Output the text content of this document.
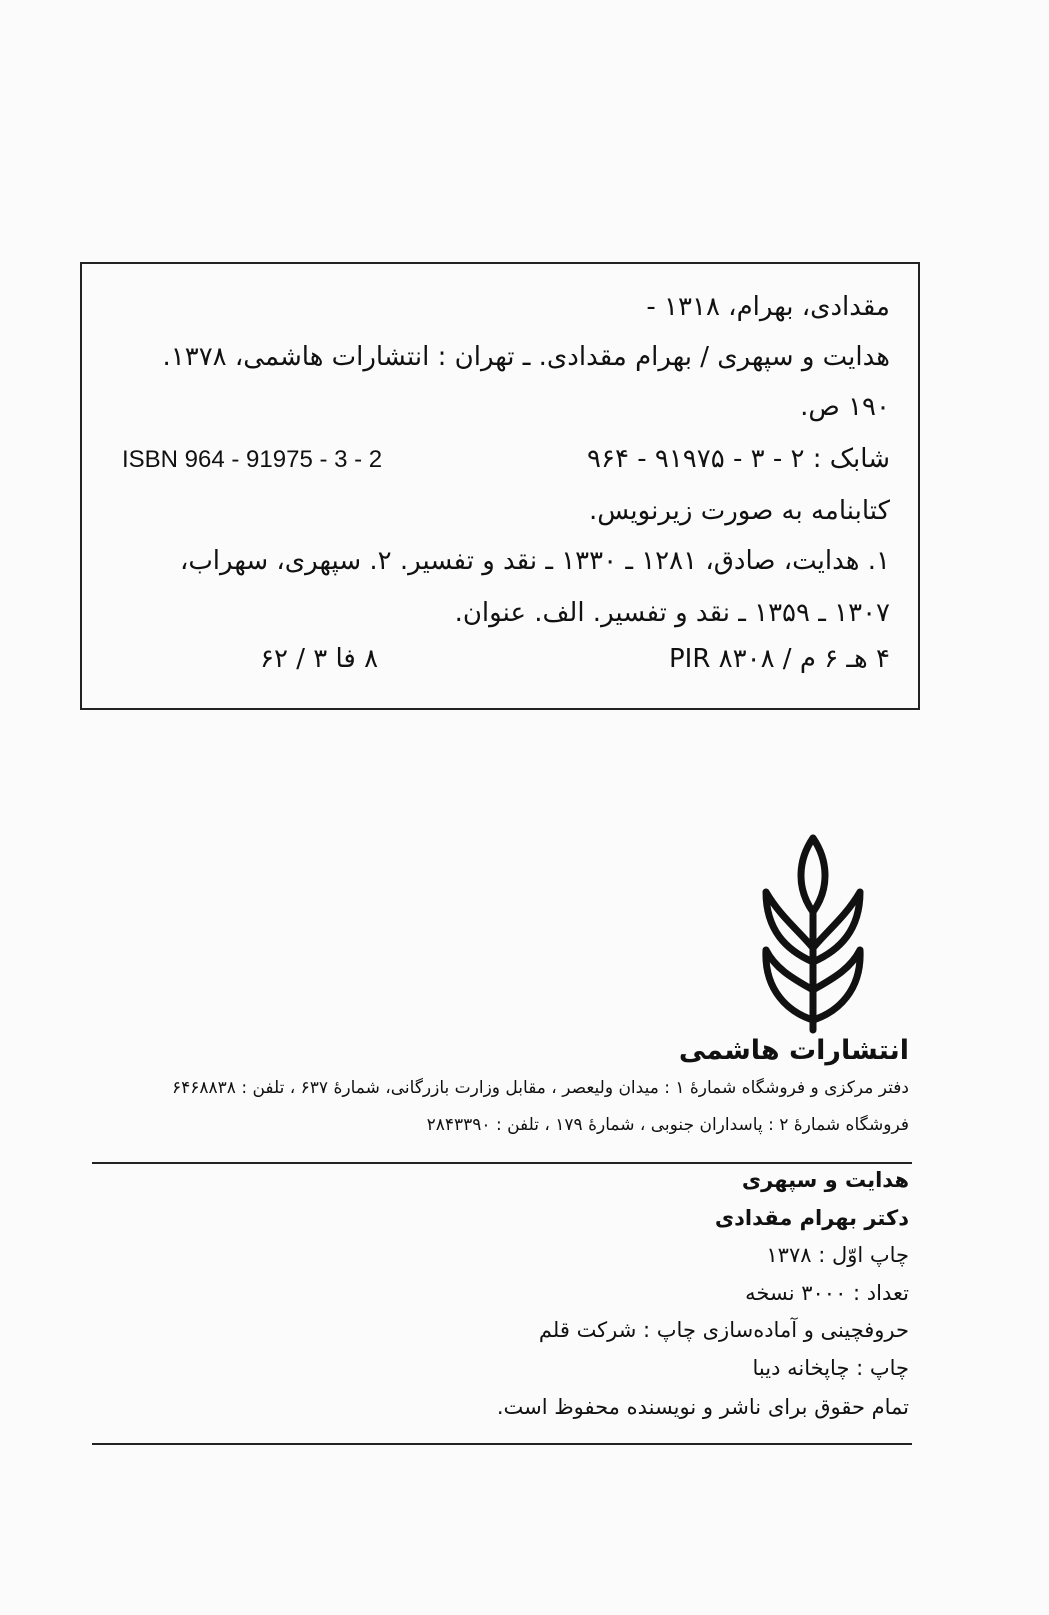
مقدادی، بهرام، ۱۳۱۸ -
هدایت و سپهری / بهرام مقدادی. ـ تهران : انتشارات هاشمی، ۱۳۷۸.
۱۹۰ ص.
شابک : ۲ - ۳ - ۹۱۹۷۵ - ۹۶۴
ISBN 964 - 91975 - 3 - 2
کتابنامه به صورت زیرنویس.
۱. هدایت، صادق، ۱۲۸۱ ـ ۱۳۳۰ ـ نقد و تفسیر. ۲. سپهری، سهراب،
۱۳۰۷ ـ ۱۳۵۹ ـ نقد و تفسیر. الف. عنوان.
۴ هـ ۶ م / PIR ۸۳۰۸
۸ فا ۳ / ۶۲
انتشارات هاشمی
دفتر مرکزی و فروشگاه شمارهٔ ۱ : میدان ولیعصر ، مقابل وزارت بازرگانی، شمارهٔ ۶۳۷ ، تلفن : ۶۴۶۸۸۳۸
فروشگاه شمارهٔ ۲ : پاسداران جنوبی ، شمارهٔ ۱۷۹ ، تلفن : ۲۸۴۳۳۹۰
هدایت و سپهری
دکتر بهرام مقدادی
چاپ اوّل : ۱۳۷۸
تعداد : ۳۰۰۰ نسخه
حروفچینی و آماده‌سازی چاپ : شرکت قلم
چاپ : چاپخانه دیبا
تمام حقوق برای ناشر و نویسنده محفوظ است.
